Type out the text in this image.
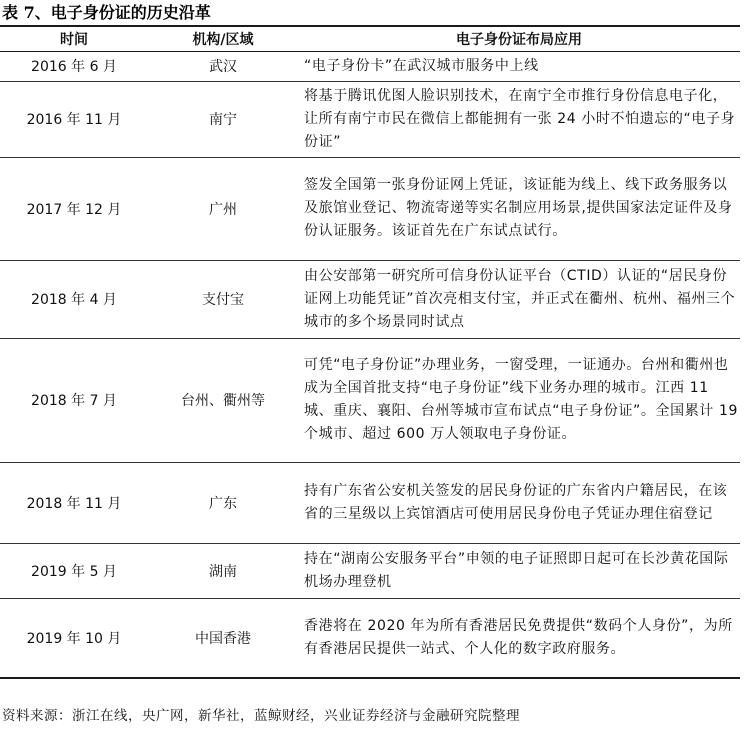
表 7、电子身份证的历史沿革
时间	机构/区域	电子身份证布局应用
2016 年 6 月	武汉	“电子身份卡”在武汉城市服务中上线
2016 年 11 月	南宁	将基于腾讯优图人脸识别技术，在南宁全市推行身份信息电子化，让所有南宁市民在微信上都能拥有一张 24 小时不怕遗忘的“电子身份证”
2017 年 12 月	广州	签发全国第一张身份证网上凭证，该证能为线上、线下政务服务以及旅馆业登记、物流寄递等实名制应用场景,提供国家法定证件及身份认证服务。该证首先在广东试点试行。
2018 年 4 月	支付宝	由公安部第一研究所可信身份认证平台（CTID）认证的“居民身份证网上功能凭证”首次亮相支付宝，并正式在衢州、杭州、福州三个城市的多个场景同时试点
2018 年 7 月	台州、衢州等	可凭“电子身份证”办理业务，一窗受理，一证通办。台州和衢州也成为全国首批支持“电子身份证”线下业务办理的城市。江西 11 城、重庆、襄阳、台州等城市宣布试点“电子身份证”。全国累计 19 个城市、超过 600 万人领取电子身份证。
2018 年 11 月	广东	持有广东省公安机关签发的居民身份证的广东省内户籍居民，在该省的三星级以上宾馆酒店可使用居民身份电子凭证办理住宿登记
2019 年 5 月	湖南	持在“湖南公安服务平台”申领的电子证照即日起可在长沙黄花国际机场办理登机
2019 年 10 月	中国香港	香港将在 2020 年为所有香港居民免费提供“数码个人身份”，为所有香港居民提供一站式、个人化的数字政府服务。
资料来源：浙江在线，央广网，新华社，蓝鲸财经，兴业证券经济与金融研究院整理
